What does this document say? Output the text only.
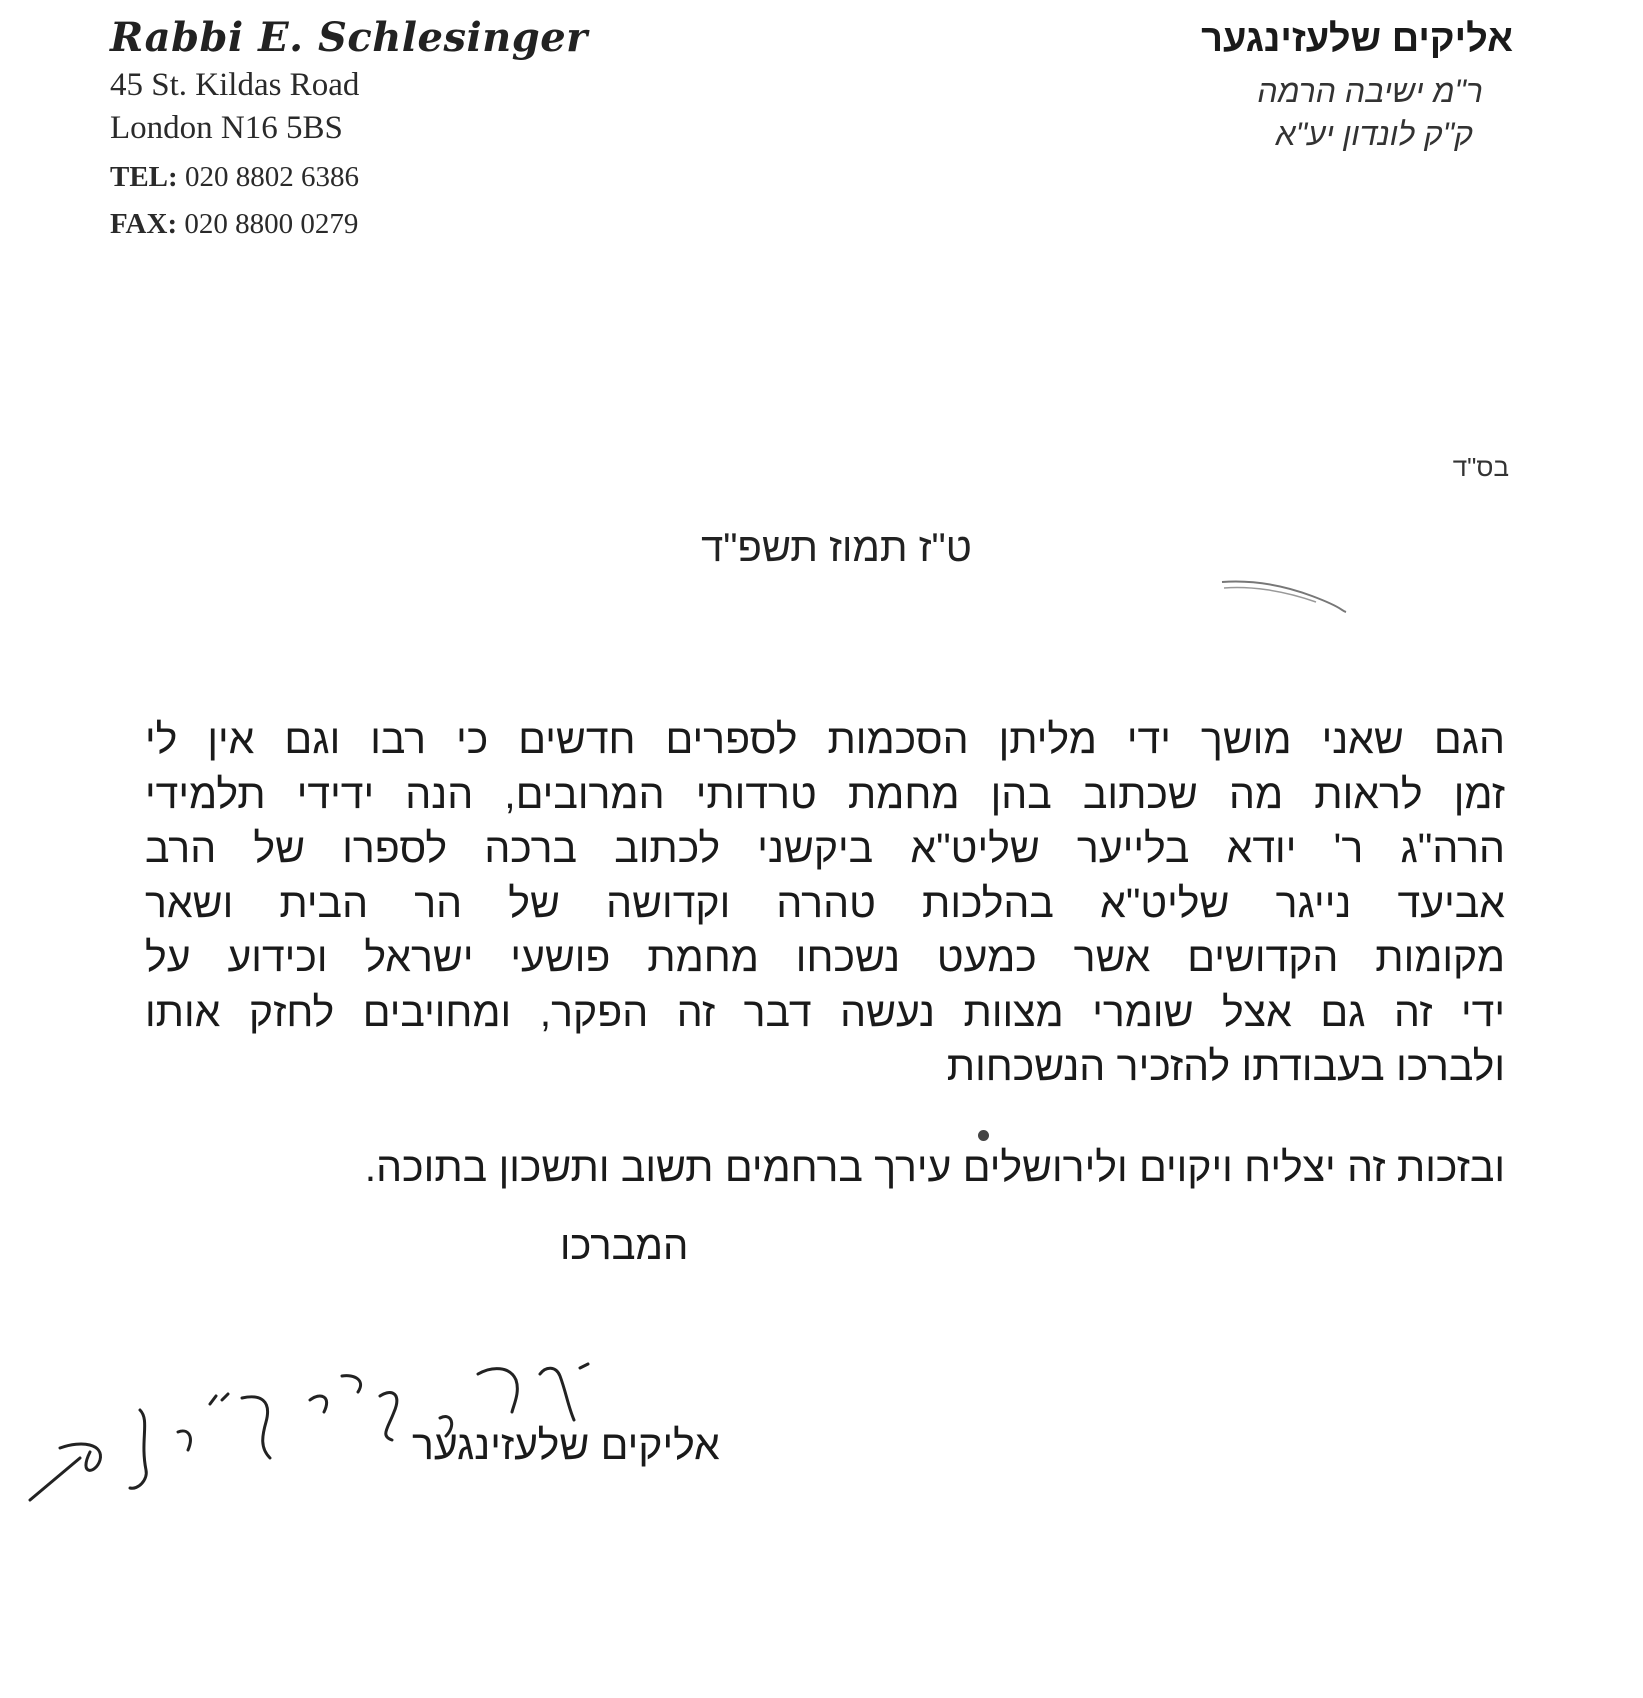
Rabbi E. Schlesinger

45 St. Kildas Road

London N16 5BS

TEL: 020 8802 6386

FAX: 020 8800 0279

אליקים שלעזינגער

ר"מ ישיבה הרמה

ק"ק לונדון יע"א

בס"ד
ט"ז תמוז תשפ"ד
הגם שאני מושך ידי מליתן הסכמות לספרים חדשים כי רבו וגם אין לי
זמן לראות מה שכתוב בהן מחמת טרדותי המרובים, הנה ידידי תלמידי
הרה"ג ר' יודא בלייער שליט"א ביקשני לכתוב ברכה לספרו של הרב
אביעד נייגר שליט"א בהלכות טהרה וקדושה של הר הבית ושאר
מקומות הקדושים אשר כמעט נשכחו מחמת פושעי ישראל וכידוע על
ידי זה גם אצל שומרי מצוות נעשה דבר זה הפקר, ומחויבים לחזק אותו
ולברכו בעבודתו להזכיר הנשכחות
ובזכות זה יצליח ויקוים ולירושלים עירך ברחמים תשוב ותשכון בתוכה.
המברכו
אליקים שלעזינגער
